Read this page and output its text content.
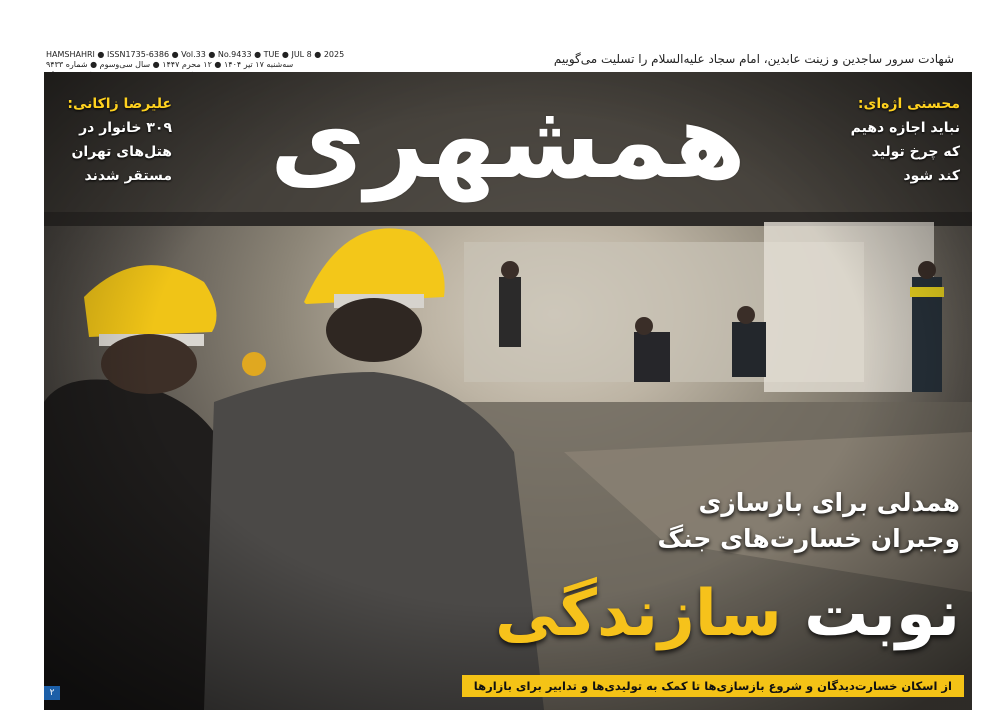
HAMSHAHRI ● ISSN1735-6386 ● Vol.33 ● No.9433 ● TUE ● JUL 8 ● 2025
سه‌شنبه ۱۷ تیر ۱۴۰۴ ● ۱۲ محرم ۱۴۴۷ ● سال سی‌وسوم ● شماره ۹۴۳۳	شهادت سرور ساجدین و زینت عابدین، امام سجاد علیه‌السلام را تسلیت می‌گوییم
همشهری
علیرضا زاکانی:
۳۰۹ خانوار در
هتل‌های تهران
مستقر شدند
محسنی اژه‌ای:
نباید اجازه دهیم
که چرخ تولید
کند شود
همدلی برای بازسازی
وجبران خسارت‌های جنگ
نوبت سازندگی
از اسکان خسارت‌دیدگان و شروع بازسازی‌ها تا کمک به تولیدی‌ها و تدابیر برای بازارها
۲
